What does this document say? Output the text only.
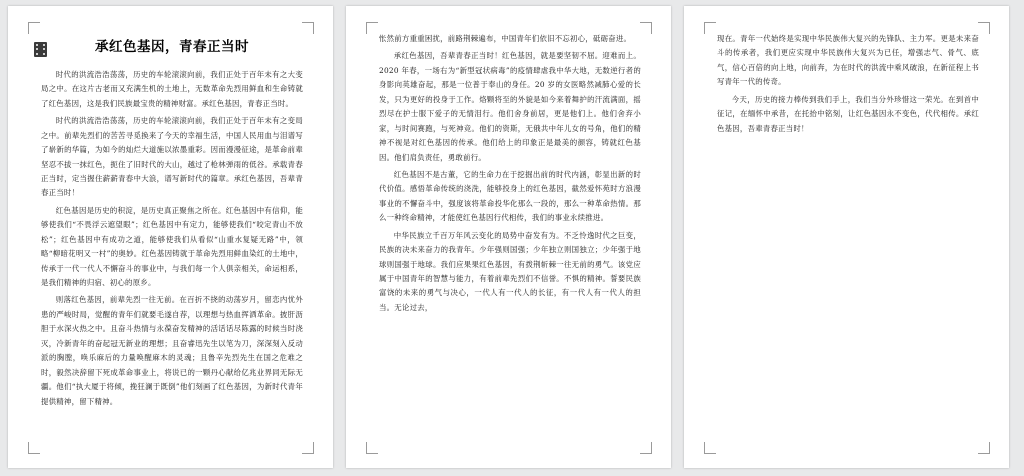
承红色基因，青春正当时

时代的洪流浩浩荡荡，历史的车轮滚滚向前，我们正处于百年未有之大变局之中。在这片古老而又充满生机的土地上，无数革命先烈用鲜血和生命铸就了红色基因，这是我们民族最宝贵的精神财富。承红色基因，青春正当时。

时代的洪流浩浩荡荡，历史的车轮滚滚向前，我们正处于百年未有之变局之中。前辈先烈们的苦苦寻觅换来了今天的幸福生活，中国人民用血与泪谱写了崭新的华篇，为如今的灿烂大道施以浓墨重彩。因而漫漫征途，是革命前辈坚忍不拔一抹红色，扼住了旧时代的大山，越过了枪林弹雨的低谷。承载青春正当时，定当握住薪薪青春中大浪，谱写新时代的篇章。承红色基因，吾辈青春正当时！

红色基因是历史的积淀，是历史真正聚焦之所在。红色基因中有信仰，能够使我们“不畏浮云遮望眼”；红色基因中有定力，能够使我们“咬定青山不放松”；红色基因中有成功之道，能够使我们从看似“山重水复疑无路”中，领略“柳暗花明又一村”的奥妙。红色基因铸就于革命先烈用鲜血染红的土地中，传承于一代一代人不懈奋斗的事业中，与我们每一个人俱亲相关，命运相系，是我们精神的归宿、初心的原乡。

则落红色基因，前辈先烈一往无前。在百折不挠的动荡岁月，留恋内忧外患的严峻时局，觉醒的青年们就要毛遂自荐，以理想与热血挥洒革命。披肝沥胆于水深火热之中。且奋斗热情与永葆奋发精神的活话话尽陈露的时候当时浇灭，冷新青年的奋起冠无新业的理想；且奋睿迅先生以笔为刀，深深刻入反动派的胸膛，唤乐麻后的力量唤醒麻木的灵魂；且鲁辛先烈先生在国之危难之时，毅然决辞留下死成革命事业上，将说已的一颗丹心献给亿兆业界同无际无疆。他们“执大厦于将倾，挽狂澜于既倒”他们刻画了红色基因，为新时代青年提供精神，留下精神。

怅然前方重重困扰，前路荆棘遍布，中国青年们依旧不忘初心，砥砺奋进。

承红色基因，吾辈青春正当时！红色基因，就是要坚韧不屈。迎难而上。2020 年春，一场右为“新型冠状病毒”的疫情肆虐我中华大地，无数逆行者的身影向英雄奋起，那是一位普于奉山的身任。20 岁的女医略然减肺心爱的长发，只为更好的投身于工作。烙颗将至的外貌是如今来着舞护的汗流满面，摇烈尽在护士服下爱子的无情泪行。他们舍身前居，更是他们上。他们舍弃小家，与时间赛跑，与死神竞。他们的资斯，无俄共中年儿女的号角，他们的精神不视是对红色基因的传承。他们给上的印象正是最美的颜容，铸就红色基因。他们肩负责任，勇敢前行。

红色基因不是古董，它的生命力在于挖掘出前的时代内涵，彰显出新的时代价值。感悟革命传统的浇洗，能够投身上的红色基因，截然爱怀苑时方浪漫事业的不懈奋斗中，强度该将革命投华化那么一段的，那么一种革命热情。那么一种终命精神，才能使红色基因行代相传，我们的事业永续推进。

中华民族立千百万年风云变化的局势中奋发有为。不乏怜逸时代之巨变，民族的决未来奋力的我青年。少年强则国强；少年独立则国独立；少年强于地球则国强于地球。我们应果果红色基因，有拨荆斩棘一往无前的勇气。该党应属于中国青年的智慧与能力，有着前辈先烈们不信誉。不惧的精神。誓要民族富饶的未来的勇气与决心，一代人有一代人的长征，有一代人有一代人的担当。无论过去，

现在。青年一代始终是实现中华民族伟大复兴的先锋队、主力军。更是未来奋斗的传承者，我们更应实现中华民族伟大复兴为已任，增强志气、骨气、底气，信心百倍的向上地，向前奔，为在时代的洪流中乘风破浪，在新征程上书写青年一代的传奇。

今天，历史的接力棒传到我们手上，我们当分外珍惜这一荣光。在到首中征记，在缅怀中承昔，在托抬中铭刻，让红色基因永不变色，代代相传。承红色基因，吾辈青春正当时！
